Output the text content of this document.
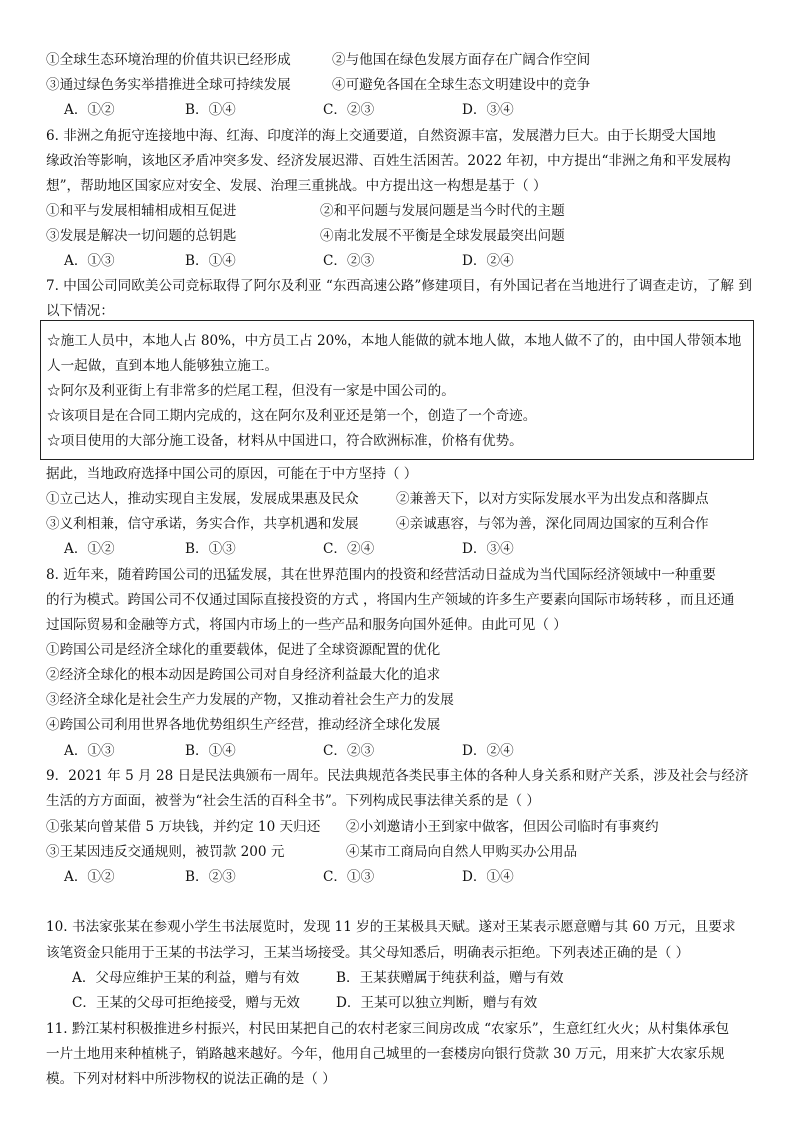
①全球生态环境治理的价值共识已经形成	②与他国在绿色发展方面存在广阔合作空间
③通过绿色务实举措推进全球可持续发展	④可避免各国在全球生态文明建设中的竞争
A．①②	B．①④	C．②③	D．③④
6. 非洲之角扼守连接地中海、红海、印度洋的海上交通要道，自然资源丰富，发展潜力巨大。由于长期受大国地
缘政治等影响，该地区矛盾冲突多发、经济发展迟滞、百姓生活困苦。2022 年初，中方提出“非洲之角和平发展构
想”，帮助地区国家应对安全、发展、治理三重挑战。中方提出这一构想是基于（ ）
①和平与发展相辅相成相互促进	②和平问题与发展问题是当今时代的主题
③发展是解决一切问题的总钥匙	④南北发展不平衡是全球发展最突出问题
A．①③	B．①④	C．②③	D．②④
7. 中国公司同欧美公司竞标取得了阿尔及利亚 “东西高速公路”修建项目，有外国记者在当地进行了调查走访，了解 到
以下情况：
☆施工人员中，本地人占 80%，中方员工占 20%，本地人能做的就本地人做，本地人做不了的，由中国人带领本地
人一起做，直到本地人能够独立施工。
☆阿尔及利亚街上有非常多的烂尾工程，但没有一家是中国公司的。
☆该项目是在合同工期内完成的，这在阿尔及利亚还是第一个，创造了一个奇迹。
☆项目使用的大部分施工设备，材料从中国进口，符合欧洲标准，价格有优势。
据此，当地政府选择中国公司的原因，可能在于中方坚持（ ）
①立己达人，推动实现自主发展，发展成果惠及民众	②兼善天下，以对方实际发展水平为出发点和落脚点
③义利相兼，信守承诺，务实合作，共享机遇和发展	④亲诚惠容，与邻为善，深化同周边国家的互利合作
A．①②	B．①③	C．②④	D．③④
8. 近年来，随着跨国公司的迅猛发展，其在世界范围内的投资和经营活动日益成为当代国际经济领域中一种重要
的行为模式。跨国公司不仅通过国际直接投资的方式 ，将国内生产领域的许多生产要素向国际市场转移 ，而且还通
过国际贸易和金融等方式，将国内市场上的一些产品和服务向国外延伸。由此可见（ ）
①跨国公司是经济全球化的重要载体，促进了全球资源配置的优化
②经济全球化的根本动因是跨国公司对自身经济利益最大化的追求
③经济全球化是社会生产力发展的产物，又推动着社会生产力的发展
④跨国公司利用世界各地优势组织生产经营，推动经济全球化发展
A．①③	B．①④	C．②③	D．②④
9．2021 年 5 月 28 日是民法典颁布一周年。民法典规范各类民事主体的各种人身关系和财产关系，涉及社会与经济
生活的方方面面，被誉为“社会生活的百科全书”。下列构成民事法律关系的是（ ）
①张某向曾某借 5 万块钱，并约定 10 天归还 ②小刘邀请小王到家中做客，但因公司临时有事爽约
③王某因违反交通规则，被罚款 200 元	④某市工商局向自然人甲购买办公用品
A．①②	B．②③	C．①③	D．①④
10. 书法家张某在参观小学生书法展览时，发现 11 岁的王某极具天赋。遂对王某表示愿意赠与其 60 万元，且要求
该笔资金只能用于王某的书法学习，王某当场接受。其父母知悉后，明确表示拒绝。下列表述正确的是（ ）
A．父母应维护王某的利益，赠与有效	B．王某获赠属于纯获利益，赠与有效
C．王某的父母可拒绝接受，赠与无效	D．王某可以独立判断，赠与有效
11. 黔江某村积极推进乡村振兴，村民田某把自己的农村老家三间房改成 “农家乐”，生意红红火火；从村集体承包
一片土地用来种植桃子，销路越来越好。今年，他用自己城里的一套楼房向银行贷款 30 万元，用来扩大农家乐规
模。下列对材料中所涉物权的说法正确的是（ ）
